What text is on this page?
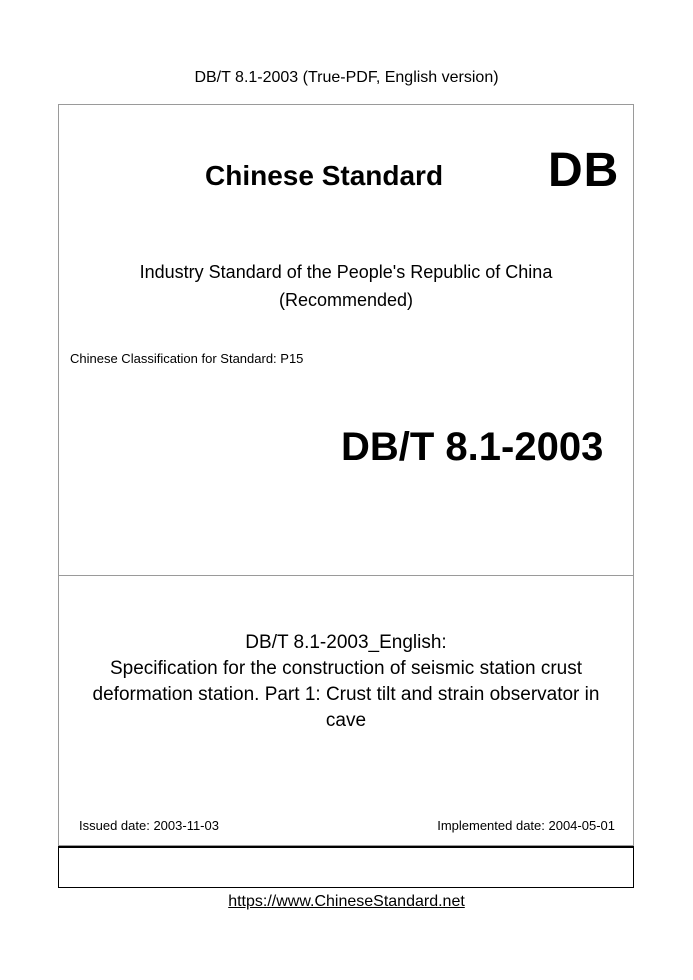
DB/T 8.1-2003 (True-PDF, English version)
Chinese Standard DB
Industry Standard of the People's Republic of China
(Recommended)
Chinese Classification for Standard: P15
DB/T 8.1-2003
DB/T 8.1-2003_English:
Specification for the construction of seismic station crust
deformation station. Part 1: Crust tilt and strain observator in
cave
Issued date: 2003-11-03	Implemented date: 2004-05-01
https://www.ChineseStandard.net
